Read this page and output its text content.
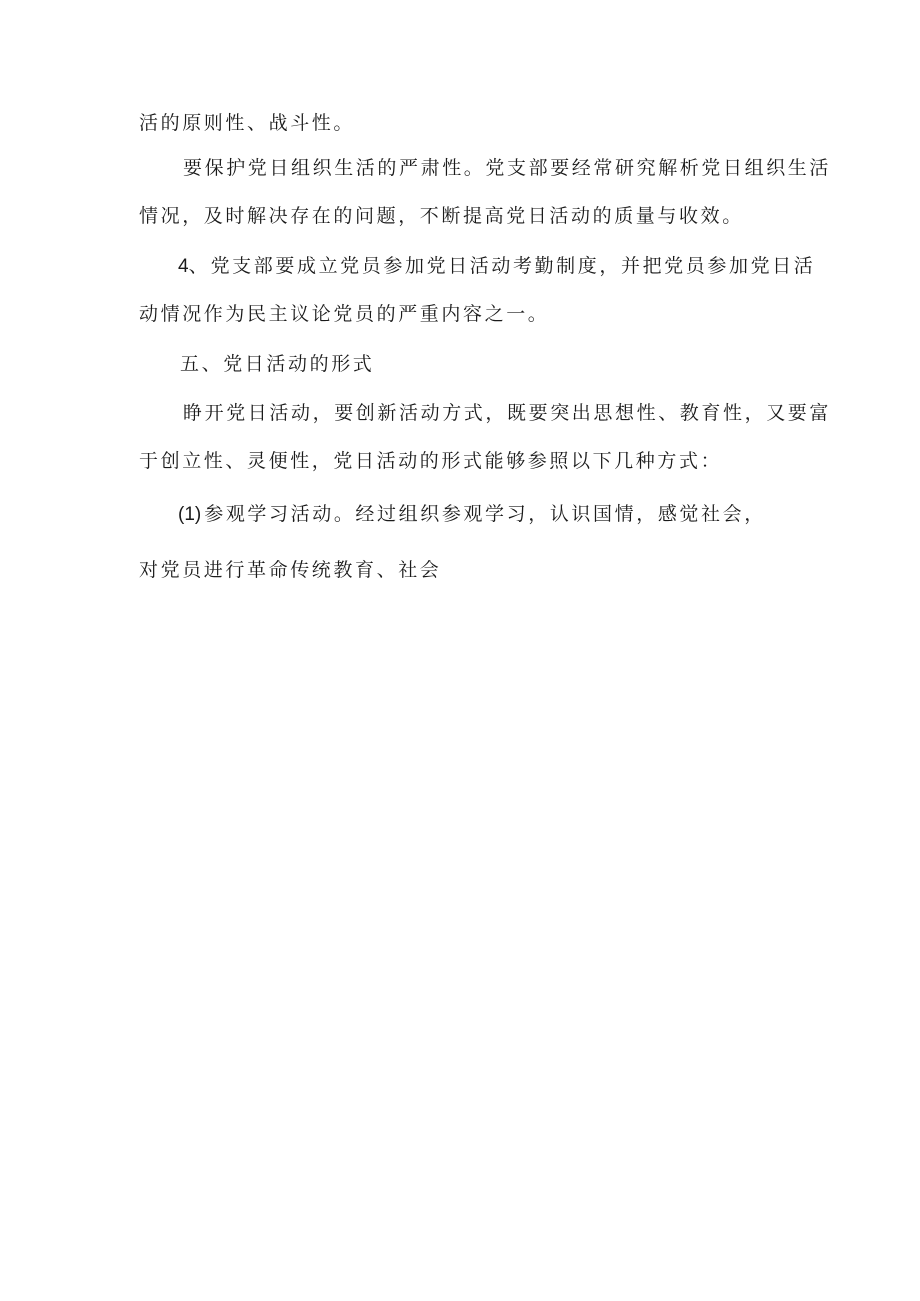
活的原则性、战斗性。
要保护党日组织生活的严肃性。党支部要经常研究解析党日组织生活
情况，及时解决存在的问题，不断提高党日活动的质量与收效。
4、 党支部要成立党员参加党日活动考勤制度，并把党员参加党日活
动情况作为民主议论党员的严重内容之一。
五、党日活动的形式
睁开党日活动，要创新活动方式，既要突出思想性、教育性，又要富
于创立性、灵便性，党日活动的形式能够参照以下几种方式：
(1) 参观学习活动。经过组织参观学习，认识国情，感觉社会，
对党员进行革命传统教育、社会
